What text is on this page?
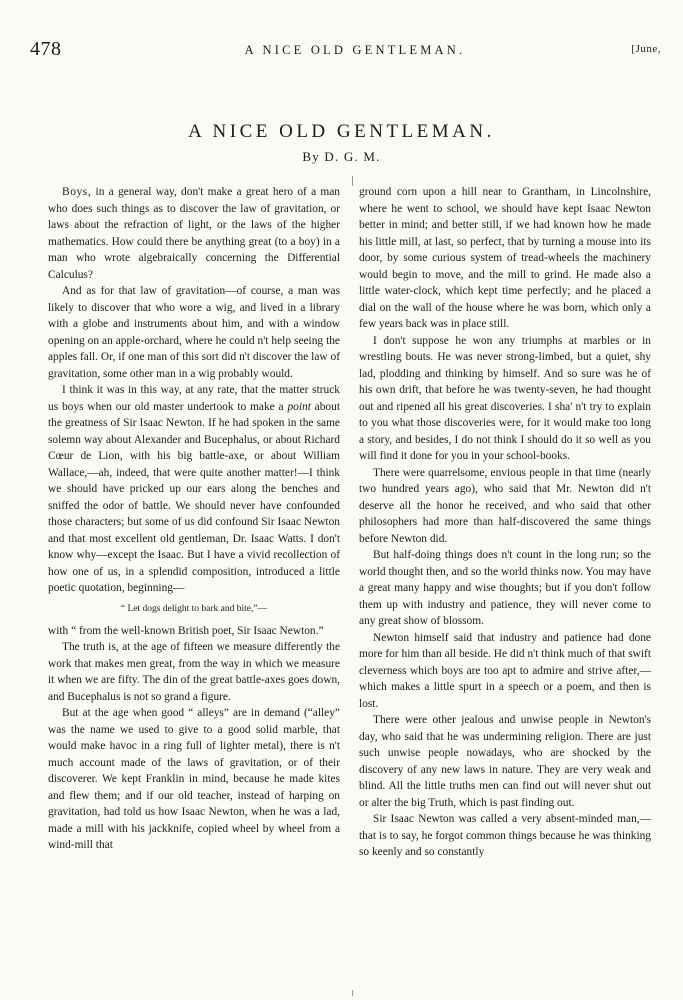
478	A NICE OLD GENTLEMAN.	[June,
A NICE OLD GENTLEMAN.
By D. G. M.

Boys, in a general way, don't make a great hero of a man who does such things as to discover the law of gravitation, or laws about the refraction of light, or the laws of the higher mathematics. How could there be anything great (to a boy) in a man who wrote algebraically concerning the Differential Calculus?

And as for that law of gravitation—of course, a man was likely to discover that who wore a wig, and lived in a library with a globe and instruments about him, and with a window opening on an apple-orchard, where he could n't help seeing the apples fall. Or, if one man of this sort did n't discover the law of gravitation, some other man in a wig probably would.

I think it was in this way, at any rate, that the matter struck us boys when our old master undertook to make a point about the greatness of Sir Isaac Newton. If he had spoken in the same solemn way about Alexander and Bucephalus, or about Richard Cœur de Lion, with his big battle-axe, or about William Wallace,—ah, indeed, that were quite another matter!—I think we should have pricked up our ears along the benches and sniffed the odor of battle. We should never have confounded those characters; but some of us did confound Sir Isaac Newton and that most excellent old gentleman, Dr. Isaac Watts. I don't know why—except the Isaac. But I have a vivid recollection of how one of us, in a splendid composition, introduced a little poetic quotation, beginning—

“ Let dogs delight to bark and bite,”—

with “ from the well-known British poet, Sir Isaac Newton.”

The truth is, at the age of fifteen we measure differently the work that makes men great, from the way in which we measure it when we are fifty. The din of the great battle-axes goes down, and Bucephalus is not so grand a figure.

But at the age when good “ alleys” are in demand (“alley” was the name we used to give to a good solid marble, that would make havoc in a ring full of lighter metal), there is n't much account made of the laws of gravitation, or of their discoverer. We kept Franklin in mind, because he made kites and flew them; and if our old teacher, instead of harping on gravitation, had told us how Isaac Newton, when he was a lad, made a mill with his jackknife, copied wheel by wheel from a wind-mill that

ground corn upon a hill near to Grantham, in Lincolnshire, where he went to school, we should have kept Isaac Newton better in mind; and better still, if we had known how he made his little mill, at last, so perfect, that by turning a mouse into its door, by some curious system of tread-wheels the machinery would begin to move, and the mill to grind. He made also a little water-clock, which kept time perfectly; and he placed a dial on the wall of the house where he was born, which only a few years back was in place still.

I don't suppose he won any triumphs at marbles or in wrestling bouts. He was never strong-limbed, but a quiet, shy lad, plodding and thinking by himself. And so sure was he of his own drift, that before he was twenty-seven, he had thought out and ripened all his great discoveries. I sha' n't try to explain to you what those discoveries were, for it would make too long a story, and besides, I do not think I should do it so well as you will find it done for you in your school-books.

There were quarrelsome, envious people in that time (nearly two hundred years ago), who said that Mr. Newton did n't deserve all the honor he received, and who said that other philosophers had more than half-discovered the same things before Newton did.

But half-doing things does n't count in the long run; so the world thought then, and so the world thinks now. You may have a great many happy and wise thoughts; but if you don't follow them up with industry and patience, they will never come to any great show of blossom.

Newton himself said that industry and patience had done more for him than all beside. He did n't think much of that swift cleverness which boys are too apt to admire and strive after,—which makes a little spurt in a speech or a poem, and then is lost.

There were other jealous and unwise people in Newton's day, who said that he was undermining religion. There are just such unwise people nowadays, who are shocked by the discovery of any new laws in nature. They are very weak and blind. All the little truths men can find out will never shut out or alter the big Truth, which is past finding out.

Sir Isaac Newton was called a very absent-minded man,—that is to say, he forgot common things because he was thinking so keenly and so constantly
